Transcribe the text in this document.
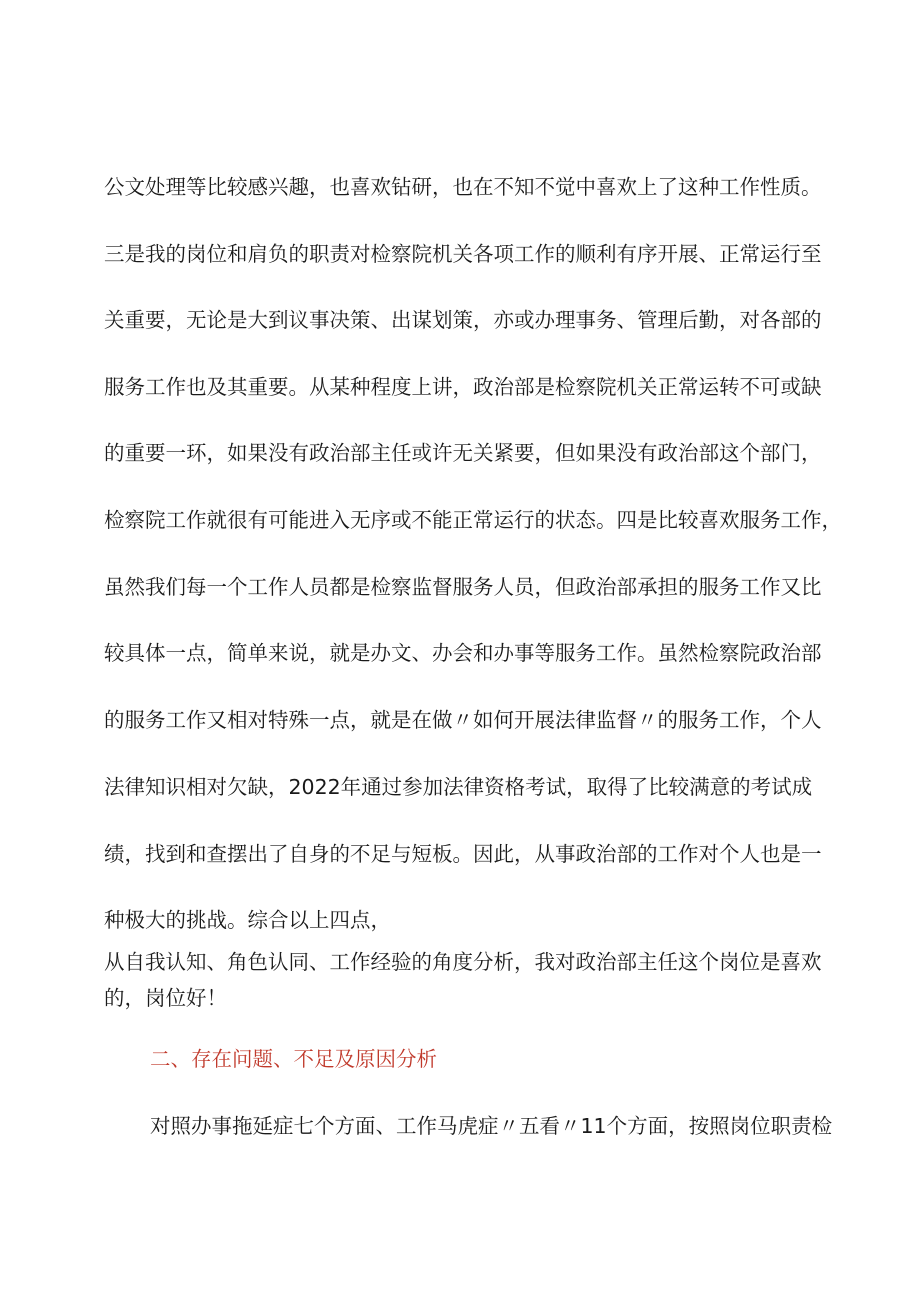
公文处理等比较感兴趣，也喜欢钻研，也在不知不觉中喜欢上了这种工作性质。

三是我的岗位和肩负的职责对检察院机关各项工作的顺利有序开展、正常运行至

关重要，无论是大到议事决策、出谋划策，亦或办理事务、管理后勤，对各部的

服务工作也及其重要。从某种程度上讲，政治部是检察院机关正常运转不可或缺

的重要一环，如果没有政治部主任或许无关紧要，但如果没有政治部这个部门，

检察院工作就很有可能进入无序或不能正常运行的状态。四是比较喜欢服务工作，

虽然我们每一个工作人员都是检察监督服务人员，但政治部承担的服务工作又比

较具体一点，简单来说，就是办文、办会和办事等服务工作。虽然检察院政治部

的服务工作又相对特殊一点，就是在做〃如何开展法律监督〃的服务工作，个人

法律知识相对欠缺，2022年通过参加法律资格考试，取得了比较满意的考试成

绩，找到和查摆出了自身的不足与短板。因此，从事政治部的工作对个人也是一

种极大的挑战。综合以上四点，

从自我认知、角色认同、工作经验的角度分析，我对政治部主任这个岗位是喜欢

的，岗位好！

二、存在问题、不足及原因分析

对照办事拖延症七个方面、工作马虎症〃五看〃11个方面，按照岗位职责检
